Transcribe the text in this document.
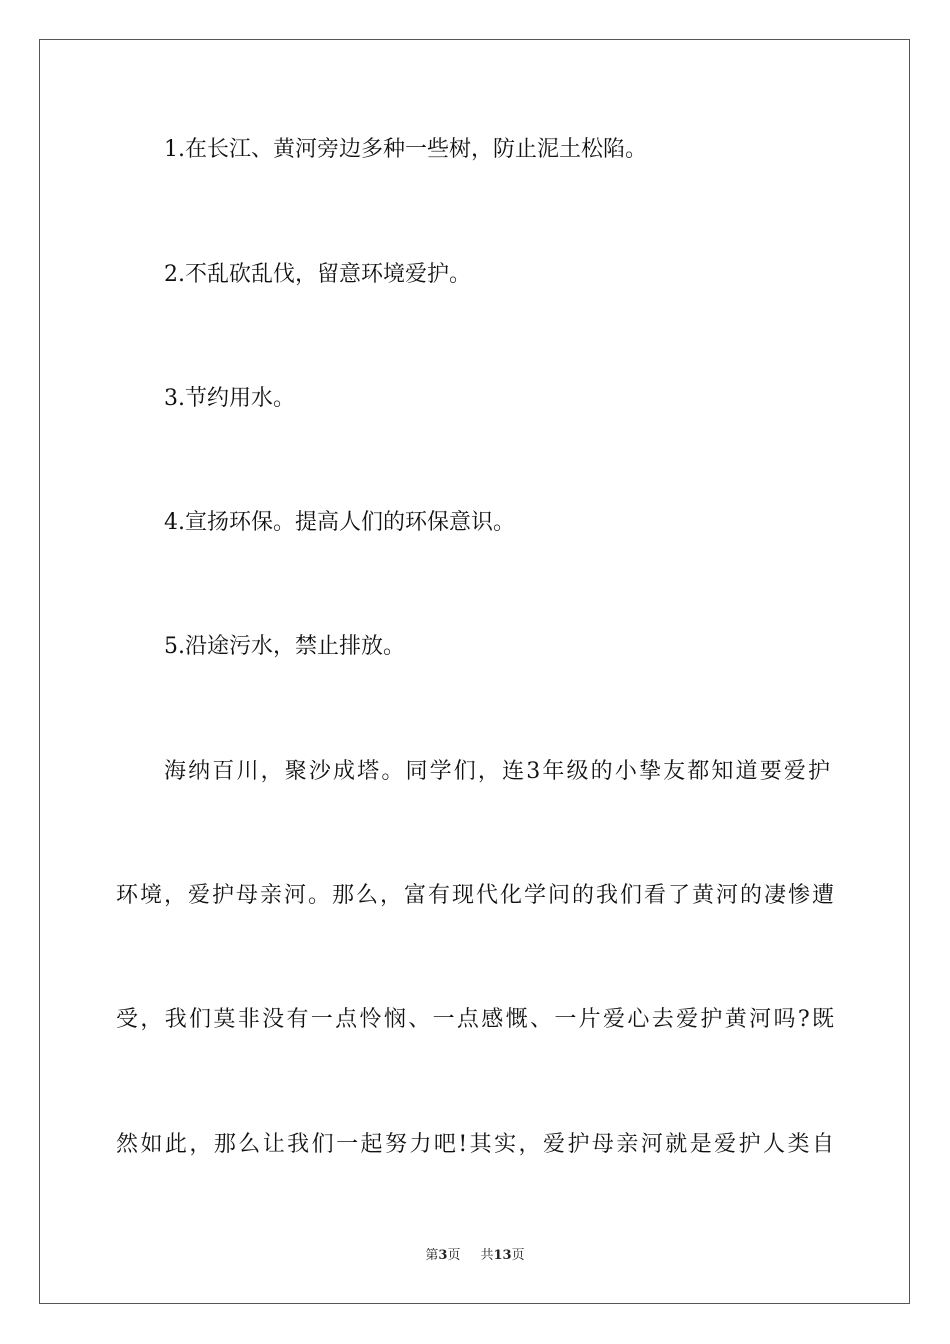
1.在长江、黄河旁边多种一些树，防止泥土松陷。
2.不乱砍乱伐，留意环境爱护。
3.节约用水。
4.宣扬环保。提高人们的环保意识。
5.沿途污水，禁止排放。
海纳百川，聚沙成塔。同学们，连3年级的小挚友都知道要爱护
环境，爱护母亲河。那么，富有现代化学问的我们看了黄河的凄惨遭
受，我们莫非没有一点怜悯、一点感慨、一片爱心去爱护黄河吗?既
然如此，那么让我们一起努力吧!其实，爱护母亲河就是爱护人类自
第3页 共13页
